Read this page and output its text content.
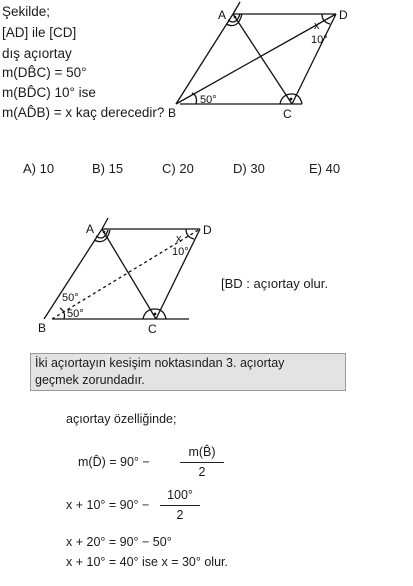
Şekilde;
[AD] ile [CD]
dış açıortay
m(DB̂C) = 50°
m(BD̂C) 10° ise
m(AD̂B) = x kaç derecedir?
A	D
B	C
x
10°
50°
A	D
B	C
x
10°
50°
50°
A) 10	B) 15	C) 20	D) 30	E) 40
[BD : açıortay olur.
İki açıortayın kesişim noktasından 3. açıortay
geçmek zorundadır.
açıortay özelliğinde;
m(D̂) = 90° −
m(B̂)
2
x + 10° = 90° −
100°
2
x + 20° = 90° − 50°
x + 10° = 40° ise x = 30° olur.
